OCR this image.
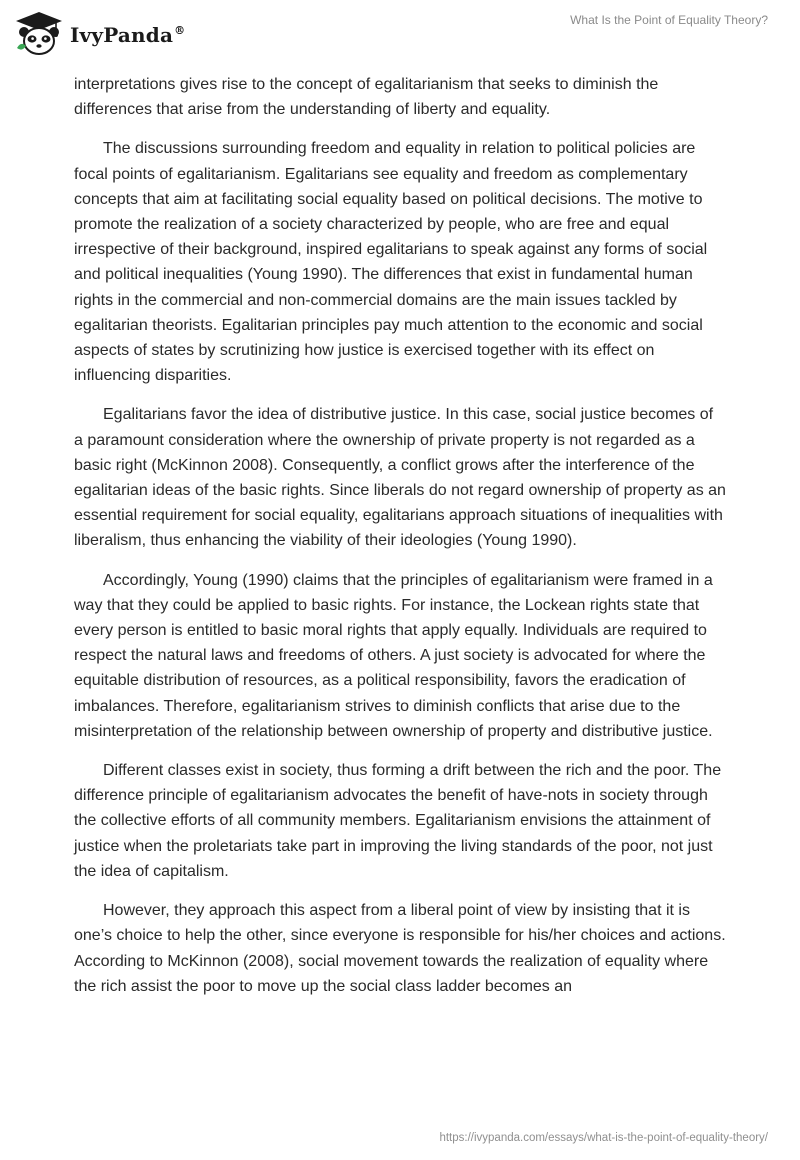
IvyPanda®
What Is the Point of Equality Theory?

interpretations gives rise to the concept of egalitarianism that seeks to diminish the differences that arise from the understanding of liberty and equality.

The discussions surrounding freedom and equality in relation to political policies are focal points of egalitarianism. Egalitarians see equality and freedom as complementary concepts that aim at facilitating social equality based on political decisions. The motive to promote the realization of a society characterized by people, who are free and equal irrespective of their background, inspired egalitarians to speak against any forms of social and political inequalities (Young 1990). The differences that exist in fundamental human rights in the commercial and non-commercial domains are the main issues tackled by egalitarian theorists. Egalitarian principles pay much attention to the economic and social aspects of states by scrutinizing how justice is exercised together with its effect on influencing disparities.

Egalitarians favor the idea of distributive justice. In this case, social justice becomes of a paramount consideration where the ownership of private property is not regarded as a basic right (McKinnon 2008). Consequently, a conflict grows after the interference of the egalitarian ideas of the basic rights. Since liberals do not regard ownership of property as an essential requirement for social equality, egalitarians approach situations of inequalities with liberalism, thus enhancing the viability of their ideologies (Young 1990).

Accordingly, Young (1990) claims that the principles of egalitarianism were framed in a way that they could be applied to basic rights. For instance, the Lockean rights state that every person is entitled to basic moral rights that apply equally. Individuals are required to respect the natural laws and freedoms of others. A just society is advocated for where the equitable distribution of resources, as a political responsibility, favors the eradication of imbalances. Therefore, egalitarianism strives to diminish conflicts that arise due to the misinterpretation of the relationship between ownership of property and distributive justice.

Different classes exist in society, thus forming a drift between the rich and the poor. The difference principle of egalitarianism advocates the benefit of have-nots in society through the collective efforts of all community members. Egalitarianism envisions the attainment of justice when the proletariats take part in improving the living standards of the poor, not just the idea of capitalism.

However, they approach this aspect from a liberal point of view by insisting that it is one’s choice to help the other, since everyone is responsible for his/her choices and actions. According to McKinnon (2008), social movement towards the realization of equality where the rich assist the poor to move up the social class ladder becomes an

https://ivypanda.com/essays/what-is-the-point-of-equality-theory/
